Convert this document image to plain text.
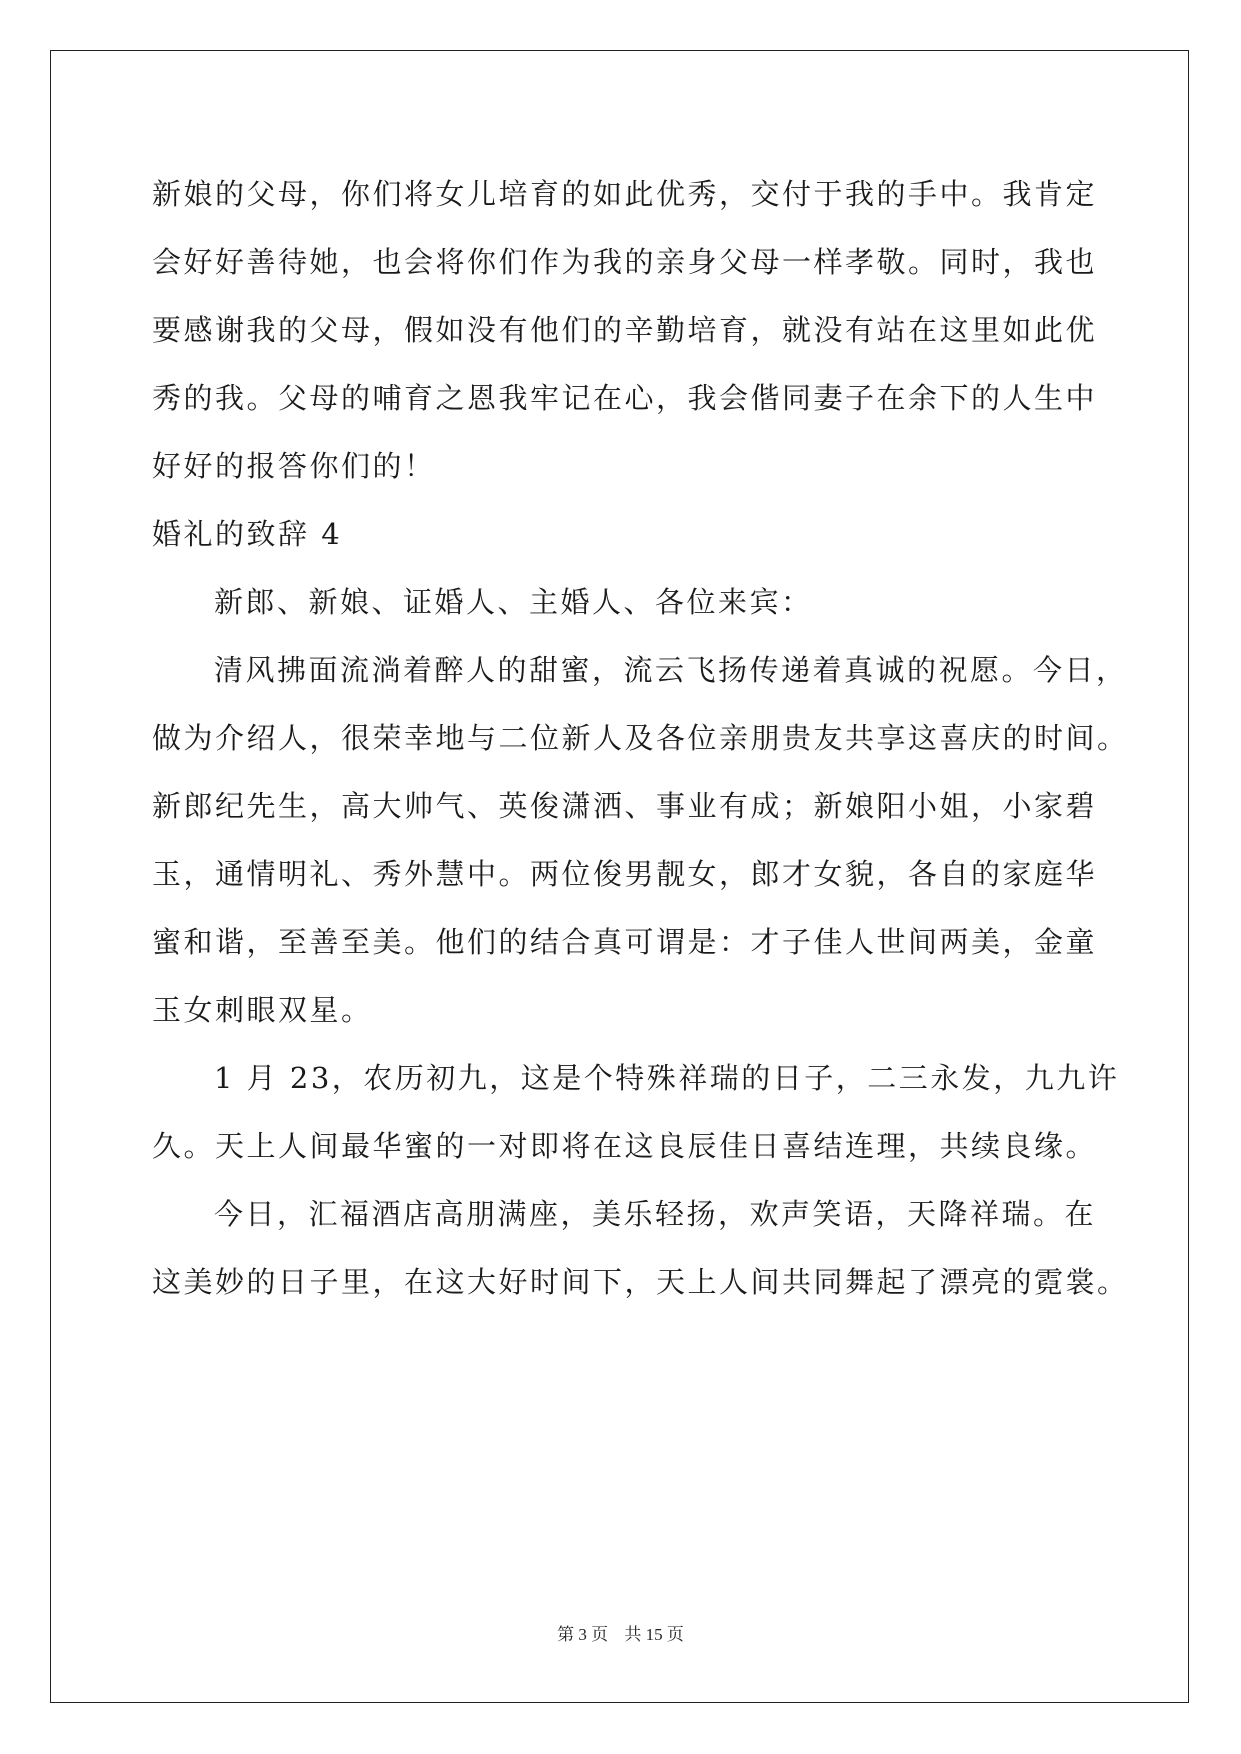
新娘的父母，你们将女儿培育的如此优秀，交付于我的手中。我肯定
会好好善待她，也会将你们作为我的亲身父母一样孝敬。同时，我也
要感谢我的父母，假如没有他们的辛勤培育，就没有站在这里如此优
秀的我。父母的哺育之恩我牢记在心，我会偕同妻子在余下的人生中
好好的报答你们的！
婚礼的致辞 4
新郎、新娘、证婚人、主婚人、各位来宾：
清风拂面流淌着醉人的甜蜜，流云飞扬传递着真诚的祝愿。今日，
做为介绍人，很荣幸地与二位新人及各位亲朋贵友共享这喜庆的时间。
新郎纪先生，高大帅气、英俊潇洒、事业有成；新娘阳小姐，小家碧
玉，通情明礼、秀外慧中。两位俊男靓女，郎才女貌，各自的家庭华
蜜和谐，至善至美。他们的结合真可谓是：才子佳人世间两美，金童
玉女刺眼双星。
1 月 23，农历初九，这是个特殊祥瑞的日子，二三永发，九九许
久。天上人间最华蜜的一对即将在这良辰佳日喜结连理，共续良缘。
今日，汇福酒店高朋满座，美乐轻扬，欢声笑语，天降祥瑞。在
这美妙的日子里，在这大好时间下，天上人间共同舞起了漂亮的霓裳。
第 3 页 共 15 页
